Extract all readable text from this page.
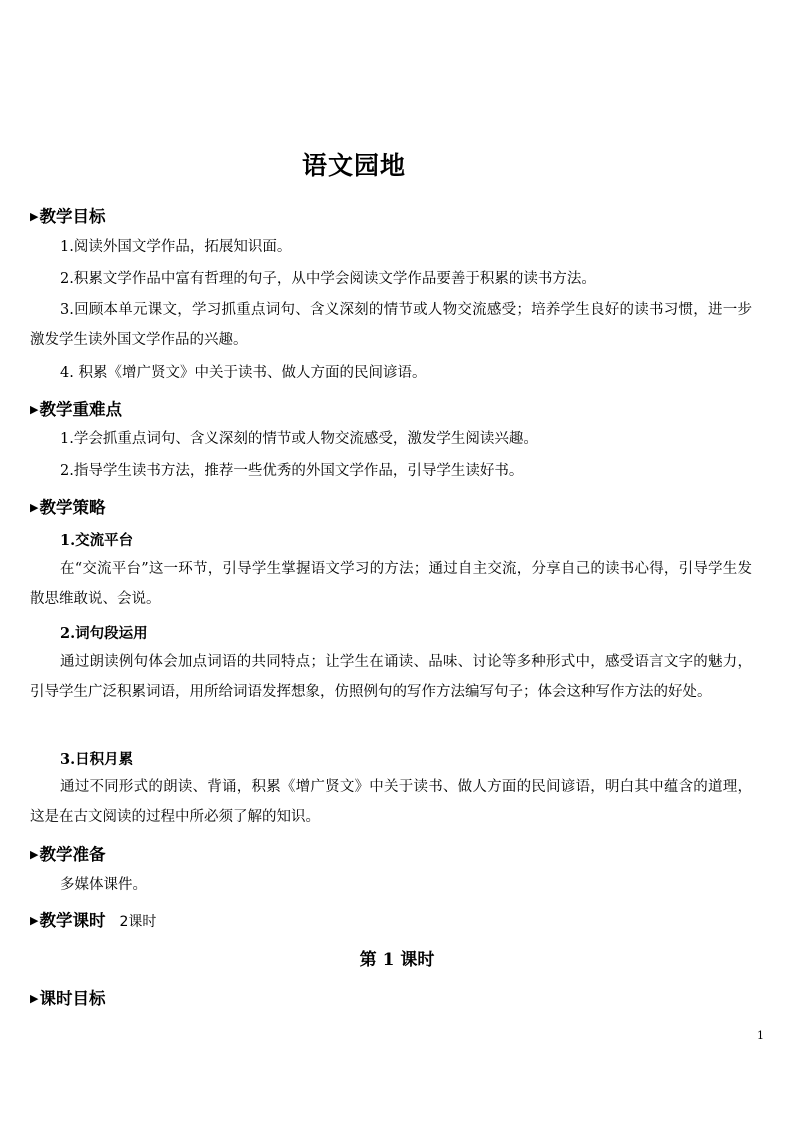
语文园地
▶教学目标
1.阅读外国文学作品，拓展知识面。
2.积累文学作品中富有哲理的句子，从中学会阅读文学作品要善于积累的读书方法。
3.回顾本单元课文，学习抓重点词句、含义深刻的情节或人物交流感受；培养学生良好的读书习惯，进一步激发学生读外国文学作品的兴趣。
4. 积累《增广贤文》中关于读书、做人方面的民间谚语。
▶教学重难点
1.学会抓重点词句、含义深刻的情节或人物交流感受，激发学生阅读兴趣。
2.指导学生读书方法，推荐一些优秀的外国文学作品，引导学生读好书。
▶教学策略
1.交流平台
在“交流平台”这一环节，引导学生掌握语文学习的方法；通过自主交流，分享自己的读书心得，引导学生发散思维敢说、会说。
2.词句段运用
通过朗读例句体会加点词语的共同特点；让学生在诵读、品味、讨论等多种形式中，感受语言文字的魅力，引导学生广泛积累词语，用所给词语发挥想象，仿照例句的写作方法编写句子；体会这种写作方法的好处。
3.日积月累
通过不同形式的朗读、背诵，积累《增广贤文》中关于读书、做人方面的民间谚语，明白其中蕴含的道理，这是在古文阅读的过程中所必须了解的知识。
▶教学准备
多媒体课件。
▶教学课时 2课时
第 1 课时
▶课时目标
1
